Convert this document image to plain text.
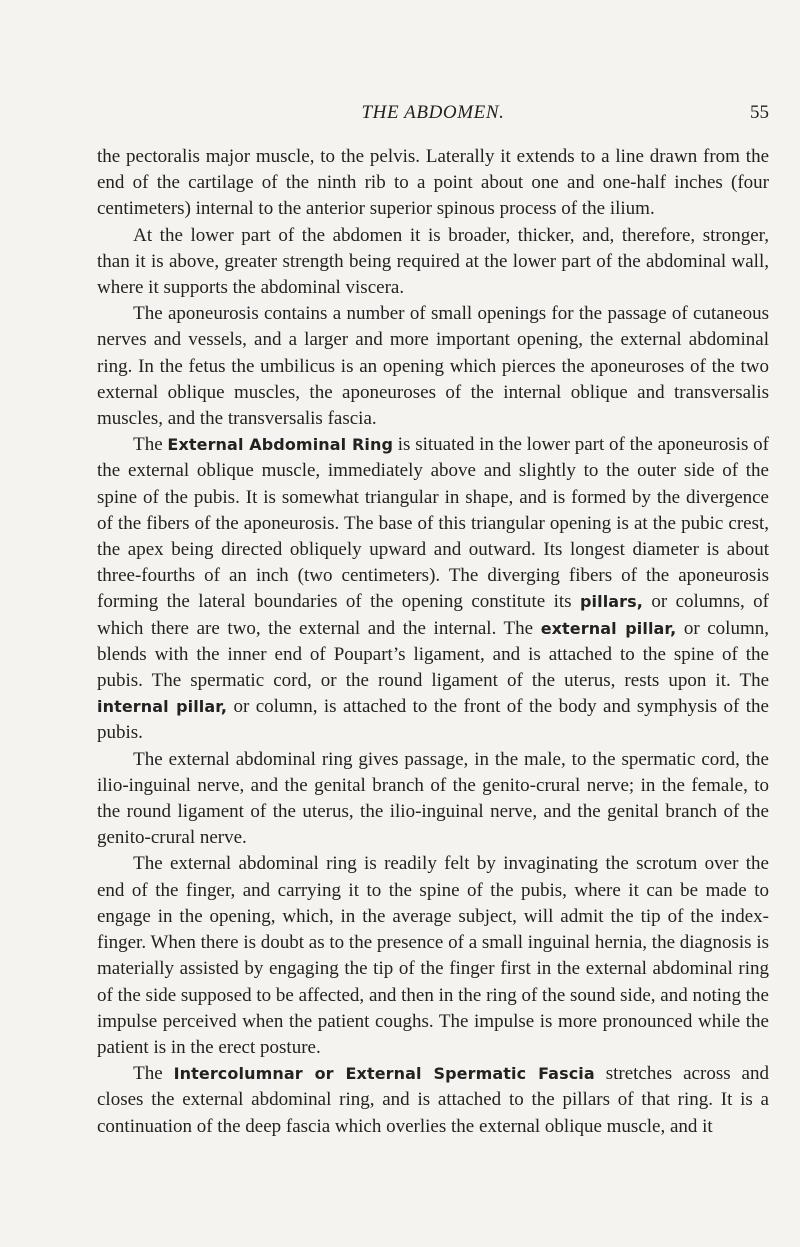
THE ABDOMEN.	55

the pectoralis major muscle, to the pelvis. Laterally it extends to a line drawn from the end of the cartilage of the ninth rib to a point about one and one-half inches (four centimeters) internal to the anterior superior spinous process of the ilium.

At the lower part of the abdomen it is broader, thicker, and, therefore, stronger, than it is above, greater strength being required at the lower part of the abdominal wall, where it supports the abdominal viscera.

The aponeurosis contains a number of small openings for the passage of cutaneous nerves and vessels, and a larger and more important opening, the external abdominal ring. In the fetus the umbilicus is an opening which pierces the aponeuroses of the two external oblique muscles, the aponeuroses of the internal oblique and transversalis muscles, and the transversalis fascia.

The External Abdominal Ring is situated in the lower part of the aponeurosis of the external oblique muscle, immediately above and slightly to the outer side of the spine of the pubis. It is somewhat triangular in shape, and is formed by the divergence of the fibers of the aponeurosis. The base of this triangular opening is at the pubic crest, the apex being directed obliquely upward and outward. Its longest diameter is about three-fourths of an inch (two centimeters). The diverging fibers of the aponeurosis forming the lateral boundaries of the opening constitute its pillars, or columns, of which there are two, the external and the internal. The external pillar, or column, blends with the inner end of Poupart’s ligament, and is attached to the spine of the pubis. The spermatic cord, or the round ligament of the uterus, rests upon it. The internal pillar, or column, is attached to the front of the body and symphysis of the pubis.

The external abdominal ring gives passage, in the male, to the spermatic cord, the ilio-inguinal nerve, and the genital branch of the genito-crural nerve; in the female, to the round ligament of the uterus, the ilio-inguinal nerve, and the genital branch of the genito-crural nerve.

The external abdominal ring is readily felt by invaginating the scrotum over the end of the finger, and carrying it to the spine of the pubis, where it can be made to engage in the opening, which, in the average subject, will admit the tip of the index-finger. When there is doubt as to the presence of a small inguinal hernia, the diagnosis is materially assisted by engaging the tip of the finger first in the external abdominal ring of the side supposed to be affected, and then in the ring of the sound side, and noting the impulse perceived when the patient coughs. The impulse is more pronounced while the patient is in the erect posture.

The Intercolumnar or External Spermatic Fascia stretches across and closes the external abdominal ring, and is attached to the pillars of that ring. It is a continuation of the deep fascia which overlies the external oblique muscle, and it
